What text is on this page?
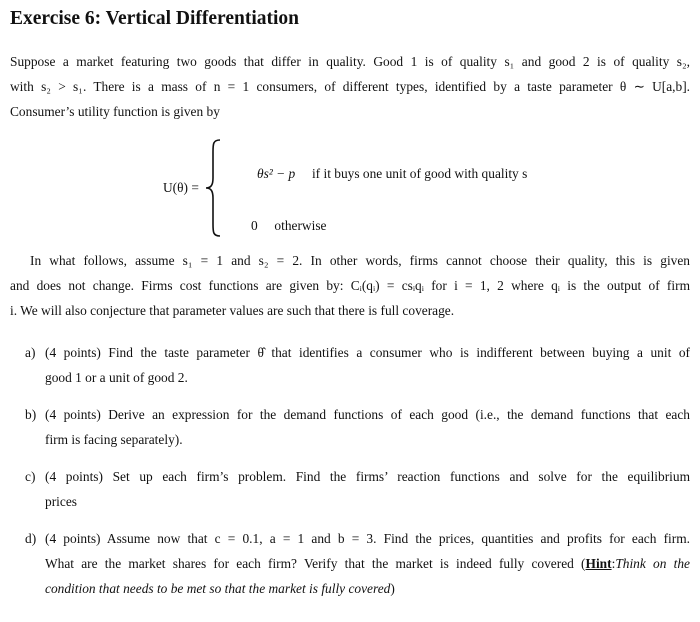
Exercise 6: Vertical Differentiation
Suppose a market featuring two goods that differ in quality. Good 1 is of quality s₁ and good 2 is of quality s₂,
with s₂ > s₁. There is a mass of n = 1 consumers, of different types, identified by a taste parameter θ ∼ U[a,b].
Consumer’s utility function is given by
U(θ) =
θs² − p if it buys one unit of good with quality s
0 otherwise
In what follows, assume s₁ = 1 and s₂ = 2. In other words, firms cannot choose their quality, this is given
and does not change. Firms cost functions are given by: Cᵢ(qᵢ) = csᵢqᵢ for i = 1, 2 where qᵢ is the output of firm
i. We will also conjecture that parameter values are such that there is full coverage.
a) (4 points) Find the taste parameter θ̂ that identifies a consumer who is indifferent between buying a unit of
good 1 or a unit of good 2.
b) (4 points) Derive an expression for the demand functions of each good (i.e., the demand functions that each
firm is facing separately).
c) (4 points) Set up each firm’s problem. Find the firms’ reaction functions and solve for the equilibrium
prices
d) (4 points) Assume now that c = 0.1, a = 1 and b = 3. Find the prices, quantities and profits for each firm.
What are the market shares for each firm? Verify that the market is indeed fully covered (Hint:Think on the
condition that needs to be met so that the market is fully covered)
